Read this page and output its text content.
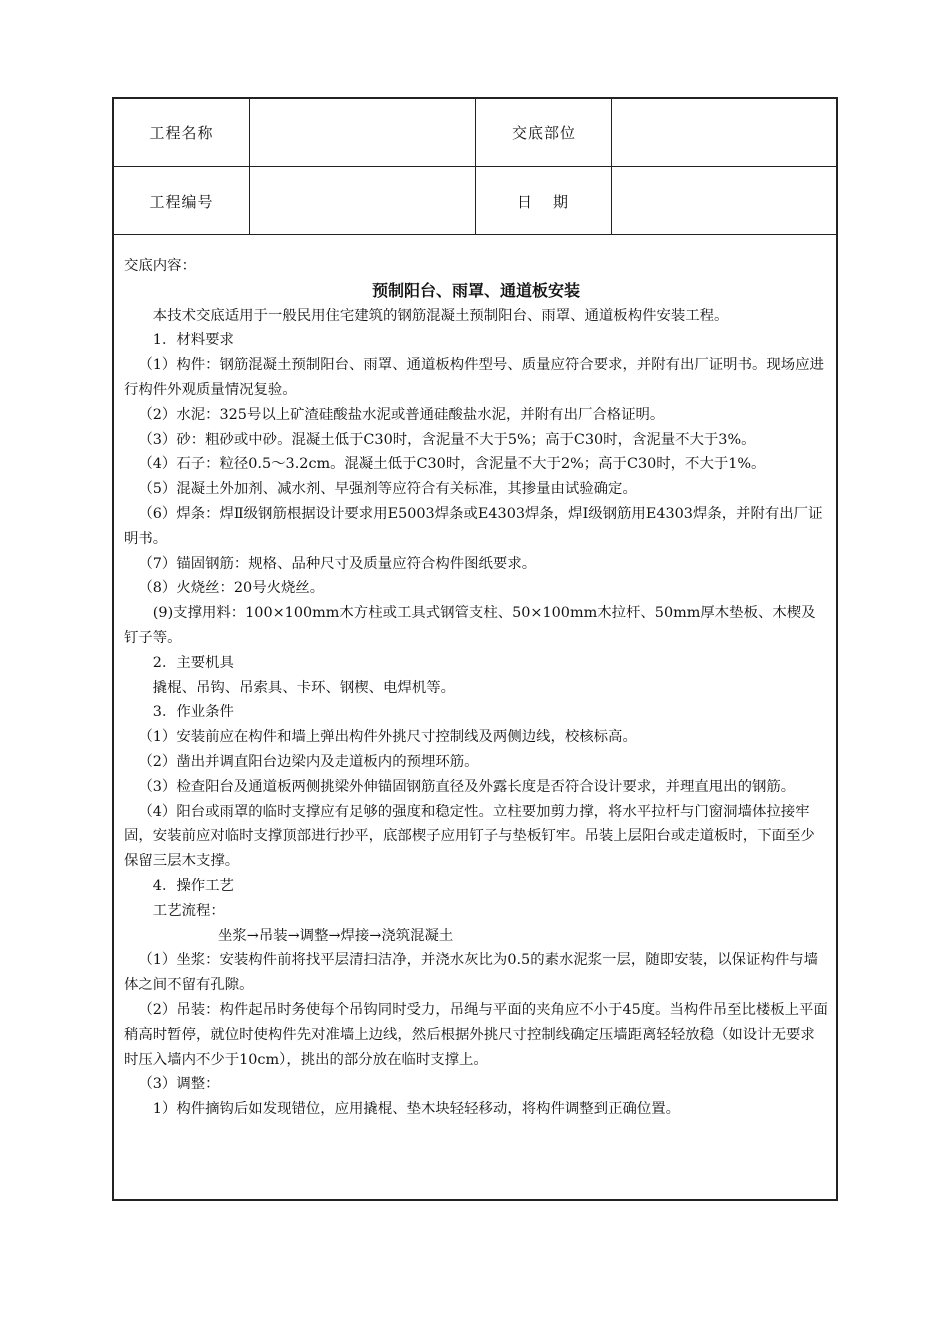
工程名称	交底部位
工程编号	日　期

交底内容：

预制阳台、雨罩、通道板安装

本技术交底适用于一般民用住宅建筑的钢筋混凝土预制阳台、雨罩、通道板构件安装工程。

1．材料要求

（1）构件：钢筋混凝土预制阳台、雨罩、通道板构件型号、质量应符合要求，并附有出厂证明书。现场应进行构件外观质量情况复验。

（2）水泥：325号以上矿渣硅酸盐水泥或普通硅酸盐水泥，并附有出厂合格证明。

（3）砂：粗砂或中砂。混凝土低于C30时，含泥量不大于5%；高于C30时，含泥量不大于3%。

（4）石子：粒径0.5～3.2cm。混凝土低于C30时，含泥量不大于2%；高于C30时，不大于1%。

（5）混凝土外加剂、减水剂、早强剂等应符合有关标准，其掺量由试验确定。

（6）焊条：焊Ⅱ级钢筋根据设计要求用E5003焊条或E4303焊条，焊Ⅰ级钢筋用E4303焊条，并附有出厂证明书。

（7）锚固钢筋：规格、品种尺寸及质量应符合构件图纸要求。

（8）火烧丝：20号火烧丝。

(9)支撑用料：100×100mm木方柱或工具式钢管支柱、50×100mm木拉杆、50mm厚木垫板、木楔及钉子等。

2．主要机具

撬棍、吊钩、吊索具、卡环、钢楔、电焊机等。

3．作业条件

（1）安装前应在构件和墙上弹出构件外挑尺寸控制线及两侧边线，校核标高。

（2）凿出并调直阳台边梁内及走道板内的预埋环筋。

（3）检查阳台及通道板两侧挑梁外伸锚固钢筋直径及外露长度是否符合设计要求，并理直甩出的钢筋。

（4）阳台或雨罩的临时支撑应有足够的强度和稳定性。立柱要加剪力撑，将水平拉杆与门窗洞墙体拉接牢固，安装前应对临时支撑顶部进行抄平，底部楔子应用钉子与垫板钉牢。吊装上层阳台或走道板时，下面至少保留三层木支撑。

4．操作工艺

工艺流程：

坐浆→吊装→调整→焊接→浇筑混凝土

（1）坐浆：安装构件前将找平层清扫洁净，并浇水灰比为0.5的素水泥浆一层，随即安装，以保证构件与墙体之间不留有孔隙。

（2）吊装：构件起吊时务使每个吊钩同时受力，吊绳与平面的夹角应不小于45度。当构件吊至比楼板上平面稍高时暂停，就位时使构件先对准墙上边线，然后根据外挑尺寸控制线确定压墙距离轻轻放稳（如设计无要求时压入墙内不少于10cm），挑出的部分放在临时支撑上。

（3）调整：

1）构件摘钩后如发现错位，应用撬棍、垫木块轻轻移动，将构件调整到正确位置。
